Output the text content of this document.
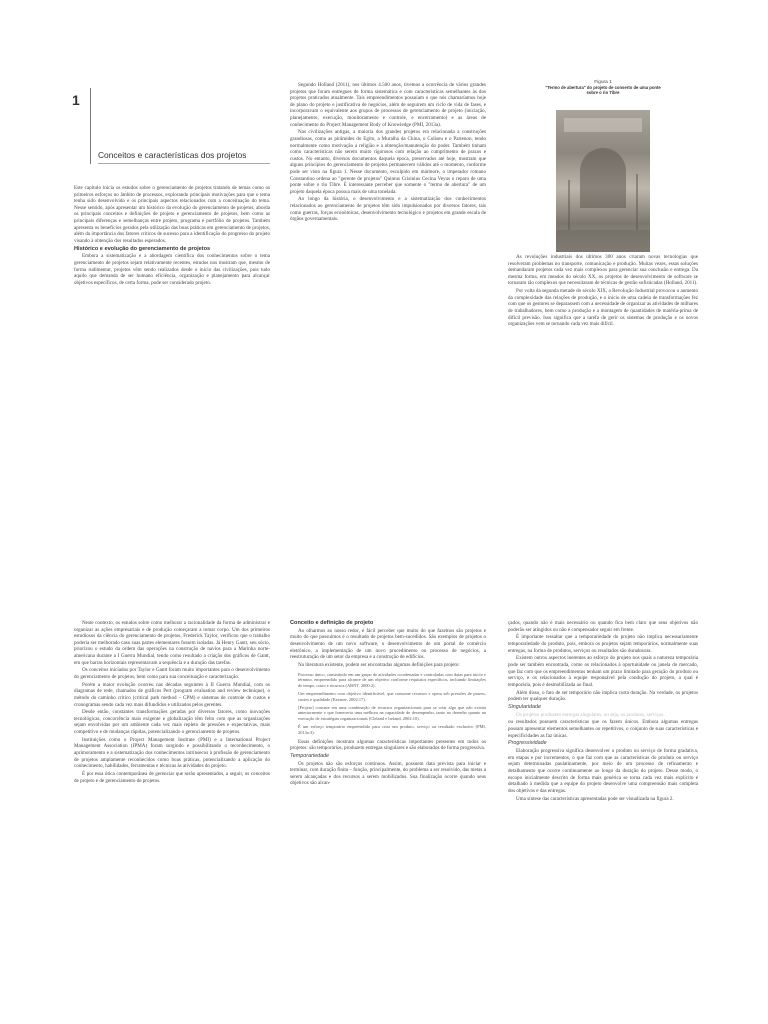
1
Conceitos e características dos projetos

Este capítulo inicia os estudos sobre o gerenciamento de projetos tratando de temas como os primeiros esforços no âmbito de processos, explorando principais motivações para que o tema tenha sido desenvolvido e os principais aspectos relacionados com a conceituação do tema. Nesse sentido, após apresentar um histórico da evolução do gerenciamento de projetos, aborda os principais conceitos e definições de projeto e gerenciamento de projetos, bem como as principais diferenças e semelhanças entre projeto, programa e portfólio de projetos. Também apresenta os benefícios gerados pela utilização das boas práticas em gerenciamento de projetos, além da importância dos fatores críticos de sucesso para a identificação do progresso do projeto visando à obtenção dos resultados esperados.

Histórico e evolução do gerenciamento de projetos

Embora a sistematização e a abordagem científica dos conhecimentos sobre o tema gerenciamento de projetos sejam relativamente recentes, estudos nos mostram que, mesmo de forma rudimentar, projetos vêm sendo realizados desde o início das civilizações, pois tudo aquilo que demanda de ser humano eficiência, organização e planejamento para alcançar objetivos específicos, de certa forma, pode ser considerado projeto.

Segundo Holland (2011), nos últimos 4.500 anos, tivemos a ocorrência de vários grandes projetos que foram entregues de forma sistemática e com características semelhantes às dos projetos praticados atualmente. Tais empreendimentos possuíam o que nós chamaríamos hoje de plano do projeto e justificativa de negócios, além de seguirem um ciclo de vida de fases, e incorporavam o equivalente aos grupos de processos de gerenciamento de projeto (iniciação, planejamento, execução, monitoramento e controle, e encerramento) e as áreas de conhecimento do Project Management Body of Knowledge (PMI, 2013a).

Nas civilizações antigas, a maioria dos grandes projetos era relacionada a construções grandiosas, como as pirâmides do Egito, a Muralha da China, o Coliseu e o Partenon, tendo normalmente como motivação a religião e a obtenção/manutenção do poder. Também tinham como características não serem muito rigorosos com relação ao cumprimento de prazos e custos. No entanto, diversos documentos daquela época, preservados até hoje, mostram que alguns princípios do gerenciamento de projetos permanecem válidos até o momento, conforme pode ser visto na figura 1. Nesse documento, esculpido em mármore, o imperador romano Constantino ordena ao "gerente de projetos" Quintus Crisinius Cecina Veyus o reparo de uma ponte sobre o rio Tibre. É interessante perceber que somente o "termo de abertura" de um projeto daquela época possua mais de uma tonelada.

Ao longo da história, o desenvolvimento e a sistematização dos conhecimentos relacionados ao gerenciamento de projetos têm sido impulsionados por diversos fatores, tais como guerras, forças econômicas, desenvolvimento tecnológico e projetos em grande escala de órgãos governamentais.

Figura 1
"Termo de abertura" do projeto de conserto de uma ponte sobre o rio Tibre

As revoluções industriais dos últimos 300 anos criaram novas tecnologias que resolveram problemas no transporte, comunicação e produção. Muitas vezes, essas soluções demandaram projetos cada vez mais complexos para gerenciar sua conclusão e entrega. Da mesma forma, em meados do século XX, os projetos de desenvolvimento de software se tornaram tão complexos que necessitaram de técnicas de gestão sofisticadas (Holland, 2011).

Por volta da segunda metade do século XIX, a Revolução Industrial provocou o aumento da complexidade das relações de produção, e o início de uma cadeia de transformações fez com que os gestores se deparassem com a necessidade de organizar as atividades de milhares de trabalhadores, bem como a produção e a montagem de quantidades de matéria-prima de difícil previsão. Isso significa que a tarefa de gerir os sistemas de produção e os novos organizações vem se tornando cada vez mais difícil.

Neste contexto, os estudos sobre como melhorar a racionalidade da forma de administrar e organizar as ações empresariais e de produção começaram a tomar corpo. Um dos primeiros estudiosos da ciência do gerenciamento de projetos, Frederick Taylor, verificou que o trabalho poderia ser melhorado caso suas partes elementares fossem isoladas. Já Henry Gantt, seu sócio, priorizou o estudo da ordem das operações na construção de navios para a Marinha norte-americana durante a I Guerra Mundial, tendo como resultado a criação dos gráficos de Gantt, em que barras horizontais representavam a sequência e a duração das tarefas.

Os conceitos iniciados por Taylor e Gantt foram muito importantes para o desenvolvimento do gerenciamento de projetos, bem como para sua conceituação e caracterização.

Porém a maior evolução ocorreu nas décadas seguintes à II Guerra Mundial, com os diagramas de rede, chamados de gráficos Pert (program evaluation and review technique), o método do caminho crítico (critical path method – CPM) e sistemas de controle de custos e cronogramas sendo cada vez mais difundidos e utilizados pelos gerentes.

Desde então, constantes transformações geradas por diversos fatores, como inovações tecnológicas, concorrência mais exigente e globalização têm feito com que as organizações sejam envolvidas por um ambiente cada vez mais repleto de pressões e expectativas, mais competitivo e de mudanças rápidas, potencializando o gerenciamento de projetos.

Instituições como o Project Management Institute (PMI) e a International Project Management Association (IPMA) foram surgindo e possibilitando o reconhecimento, o aprimoramento e a sistematização dos conhecimentos intrínsecos à profissão de gerenciamento de projetos amplamente reconhecidos como boas práticas, potencializando a aplicação do conhecimento, habilidades, ferramentas e técnicas às atividades do projeto.

É por essa ótica contemporânea de gerenciar que serão apresentados, a seguir, os conceitos de projeto e de gerenciamento de projetos.

Conceito e definição de projeto

Ao olharmos ao nosso redor, é fácil perceber que muito do que fazemos são projetos e muito do que possuímos é o resultado de projetos bem-sucedidos. São exemplos de projetos o desenvolvimento de um novo software, o desenvolvimento de um portal de comércio eletrônico, a implementação de um novo procedimento ou processo de negócios, a reestruturação de um setor da empresa e a construção de edifícios.

Na literatura existente, podem ser encontradas algumas definições para projeto:

Processo único, consistindo em um grupo de atividades coordenadas e controladas com datas para início e término, empreendido para alcance de um objetivo conforme requisitos específicos, incluindo limitações de tempo, custo e recursos (ABNT, 2000:2).

Um empreendimento com objetivo identificável, que consome recursos e opera sob pressões de prazos, custos e qualidade (Kerzner, 2002:17).

[Projeto] consiste em uma combinação de recursos organizacionais para se criar algo que não existia anteriormente e que forneceria uma melhora na capacidade de desempenho, tanto no desenho quanto na execução de estratégias organizacionais (Cleland e Ireland, 2002:10).

É um esforço temporário empreendido para criar um produto, serviço ou resultado exclusivo (PMI, 2013a:3).

Essas definições mostram algumas características importantes presentes em todos os projetos: são temporários, produzem entregas singulares e são elaborados de forma progressiva.

Temporariedade

Os projetos não são esforços contínuos. Assim, possuem data prevista para iniciar e terminar, com duração finita – função, principalmente, do problema a ser resolvido, das metas a serem alcançadas e dos recursos a serem mobilizados. Sua finalização ocorre quando seus objetivos são alcan-

çados, quando não é mais necessário ou quando fica bem claro que seus objetivos não poderão ser atingidos ou não é compensador seguir em frente.

É importante ressaltar que a temporariedade do projeto não implica necessariamente temporariedade do produto, pois, embora os projetos sejam temporários, normalmente suas entregas, na forma de produtos, serviços ou resultados são duradouras.

Existem outros aspectos inerentes ao esforço do projeto nos quais a natureza temporária pode ser também encontrada, como os relacionados à oportunidade ou janela do mercado, que faz com que os empreendimentos tenham um prazo limitado para geração do produto ou serviço, e os relacionados à equipe responsável pela condução do projeto, a qual é temporária, pois é desmobilizada ao final.

Além disso, o fato de ser temporário não implica curta duração. Na verdade, os projetos podem ter qualquer duração.

Singularidade

Os projetos produzem entregas singulares, ou seja, os produtos, serviços

ou resultados possuem características que os fazem únicos. Embora algumas entregas possam apresentar elementos semelhantes ou repetitivos, o conjunto de suas características e especificidades as faz únicas.

Progressividade

Elaboração progressiva significa desenvolver o produto ou serviço de forma gradativa, em etapas e por incrementos, o que faz com que as características do produto ou serviço sejam determinadas paulatinamente, por meio de um processo de refinamento e detalhamento que ocorre continuamente ao longo da duração do projeto. Desse modo, o escopo inicialmente descrito de forma mais genérica se torna cada vez mais explícito e detalhado à medida que a equipe do projeto desenvolve uma compreensão mais completa dos objetivos e das entregas.

Uma síntese das características apresentadas pode ser visualizada na figura 2.
